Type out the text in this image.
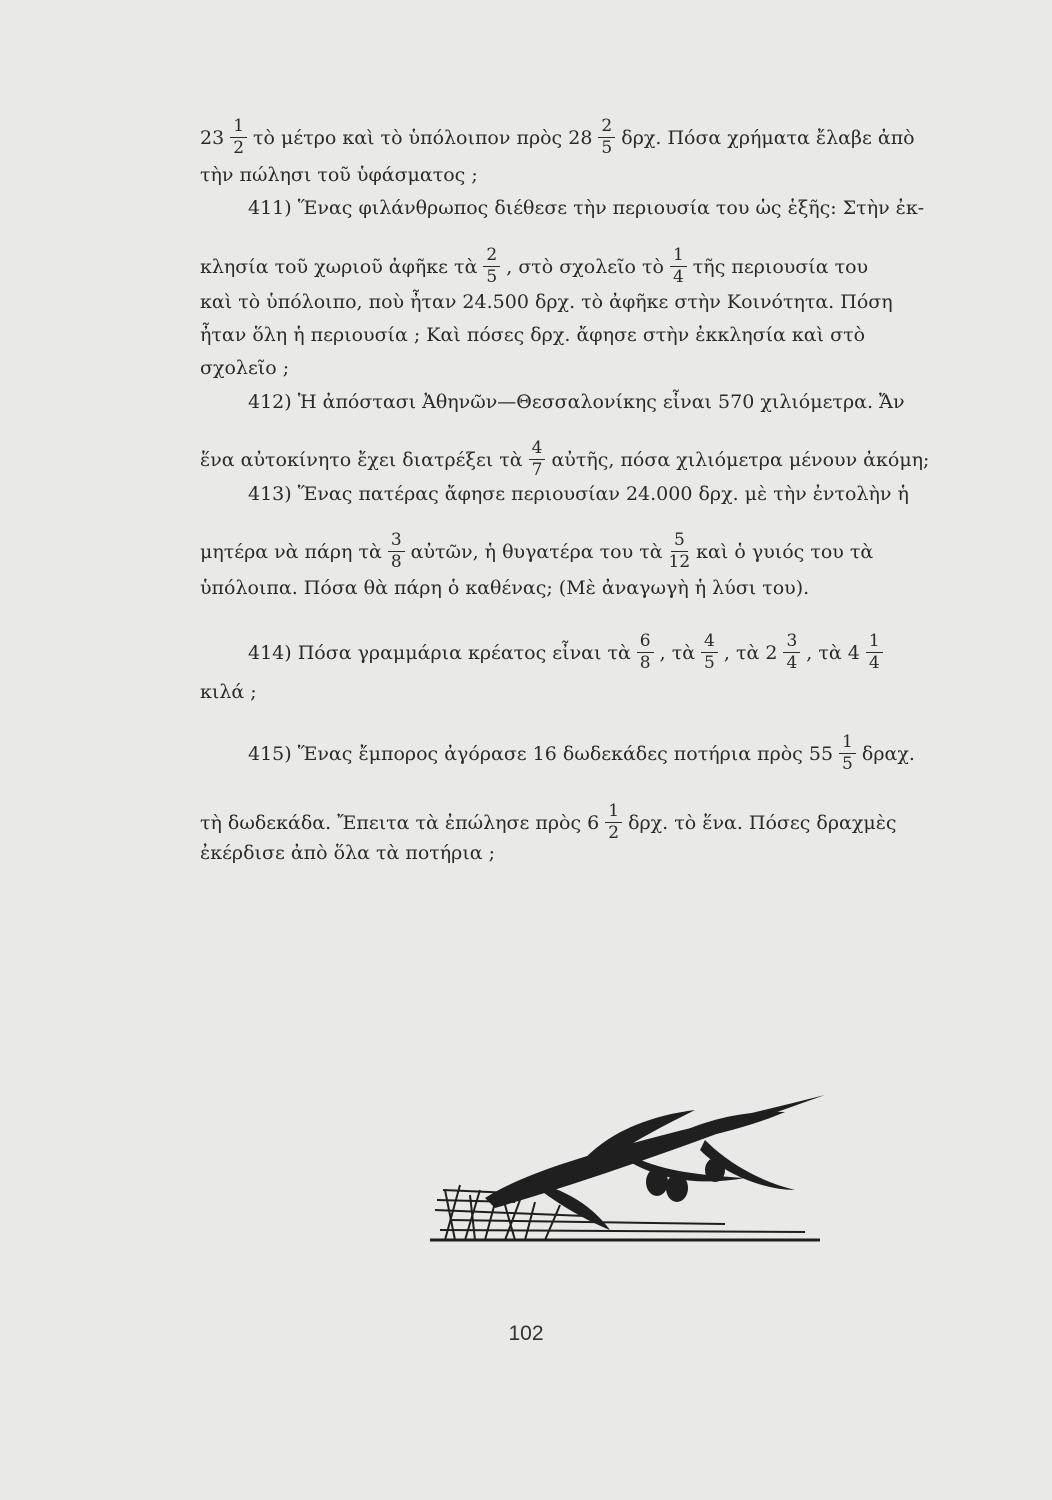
$23 \frac{1}{2}$ τὸ μέτρο καὶ τὸ ὑπόλοιπον πρὸς $28 \frac{2}{5} \delta\rho\chi$. Πόσα χρήματα ἔλαβε ἀπὸ
τὴν πώλησι τοῦ ὑφάσματος ;
411) Ἕνας φιλάνθρωπος διέθεσε τὴν περιουσία του ὡς ἑξῆς: Στὴν ἐκ-
κλησία τοῦ χωριοῦ ἀφῆκε τὰ $\frac{2}{5}$ , στὸ σχολεῖο τὸ $\frac{1}{4}$ τῆς περιουσία του
καὶ τὸ ὑπόλοιπο, ποὺ ἦταν 24.500 δρχ. τὸ ἀφῆκε στὴν Κοινότητα. Πόση
ἦταν ὅλη ἡ περιουσία ; Καὶ πόσες δρχ. ἄφησε στὴν ἐκκλησία καὶ στὸ
σχολεῖο ;
412) Ἡ ἀπόστασι Ἀθηνῶν—Θεσσαλονίκης εἶναι 570 χιλιόμετρα. Ἄν
ἕνα αὐτοκίνητο ἔχει διατρέξει τὰ $\frac{4}{7}$ αὐτῆς, πόσα χιλιόμετρα μένουν ἀκόμη;
413) Ἕνας πατέρας ἄφησε περιουσίαν 24.000 δρχ. μὲ τὴν ἐντολὴν ἡ
μητέρα νὰ πάρη τὰ $\frac{3}{8}$ αὐτῶν, ἡ θυγατέρα του τὰ $\frac{5}{12}$ καὶ ὁ γυιός του τὰ
ὑπόλοιπα. Πόσα θὰ πάρη ὁ καθένας; (Μὲ ἀναγωγὴ ἡ λύσι του).
414) Πόσα γραμμάρια κρέατος εἶναι τὰ $\frac{6}{8}$ , τὰ $\frac{4}{5}$ , τὰ $2 \frac{3}{4}$ , τὰ $4 \frac{1}{4}$
κιλά ;
415) Ἕνας ἔμπορος ἀγόρασε 16 δωδεκάδες ποτήρια πρὸς $55 \frac{1}{5} \delta\rho\alpha\chi$.
τὴ δωδεκάδα. Ἔπειτα τὰ ἐπώλησε πρὸς $6 \frac{1}{2} \delta\rho\chi$. τὸ ἕνα. Πόσες δραχμὲς
ἐκέρδισε ἀπὸ ὅλα τὰ ποτήρια ;
102
